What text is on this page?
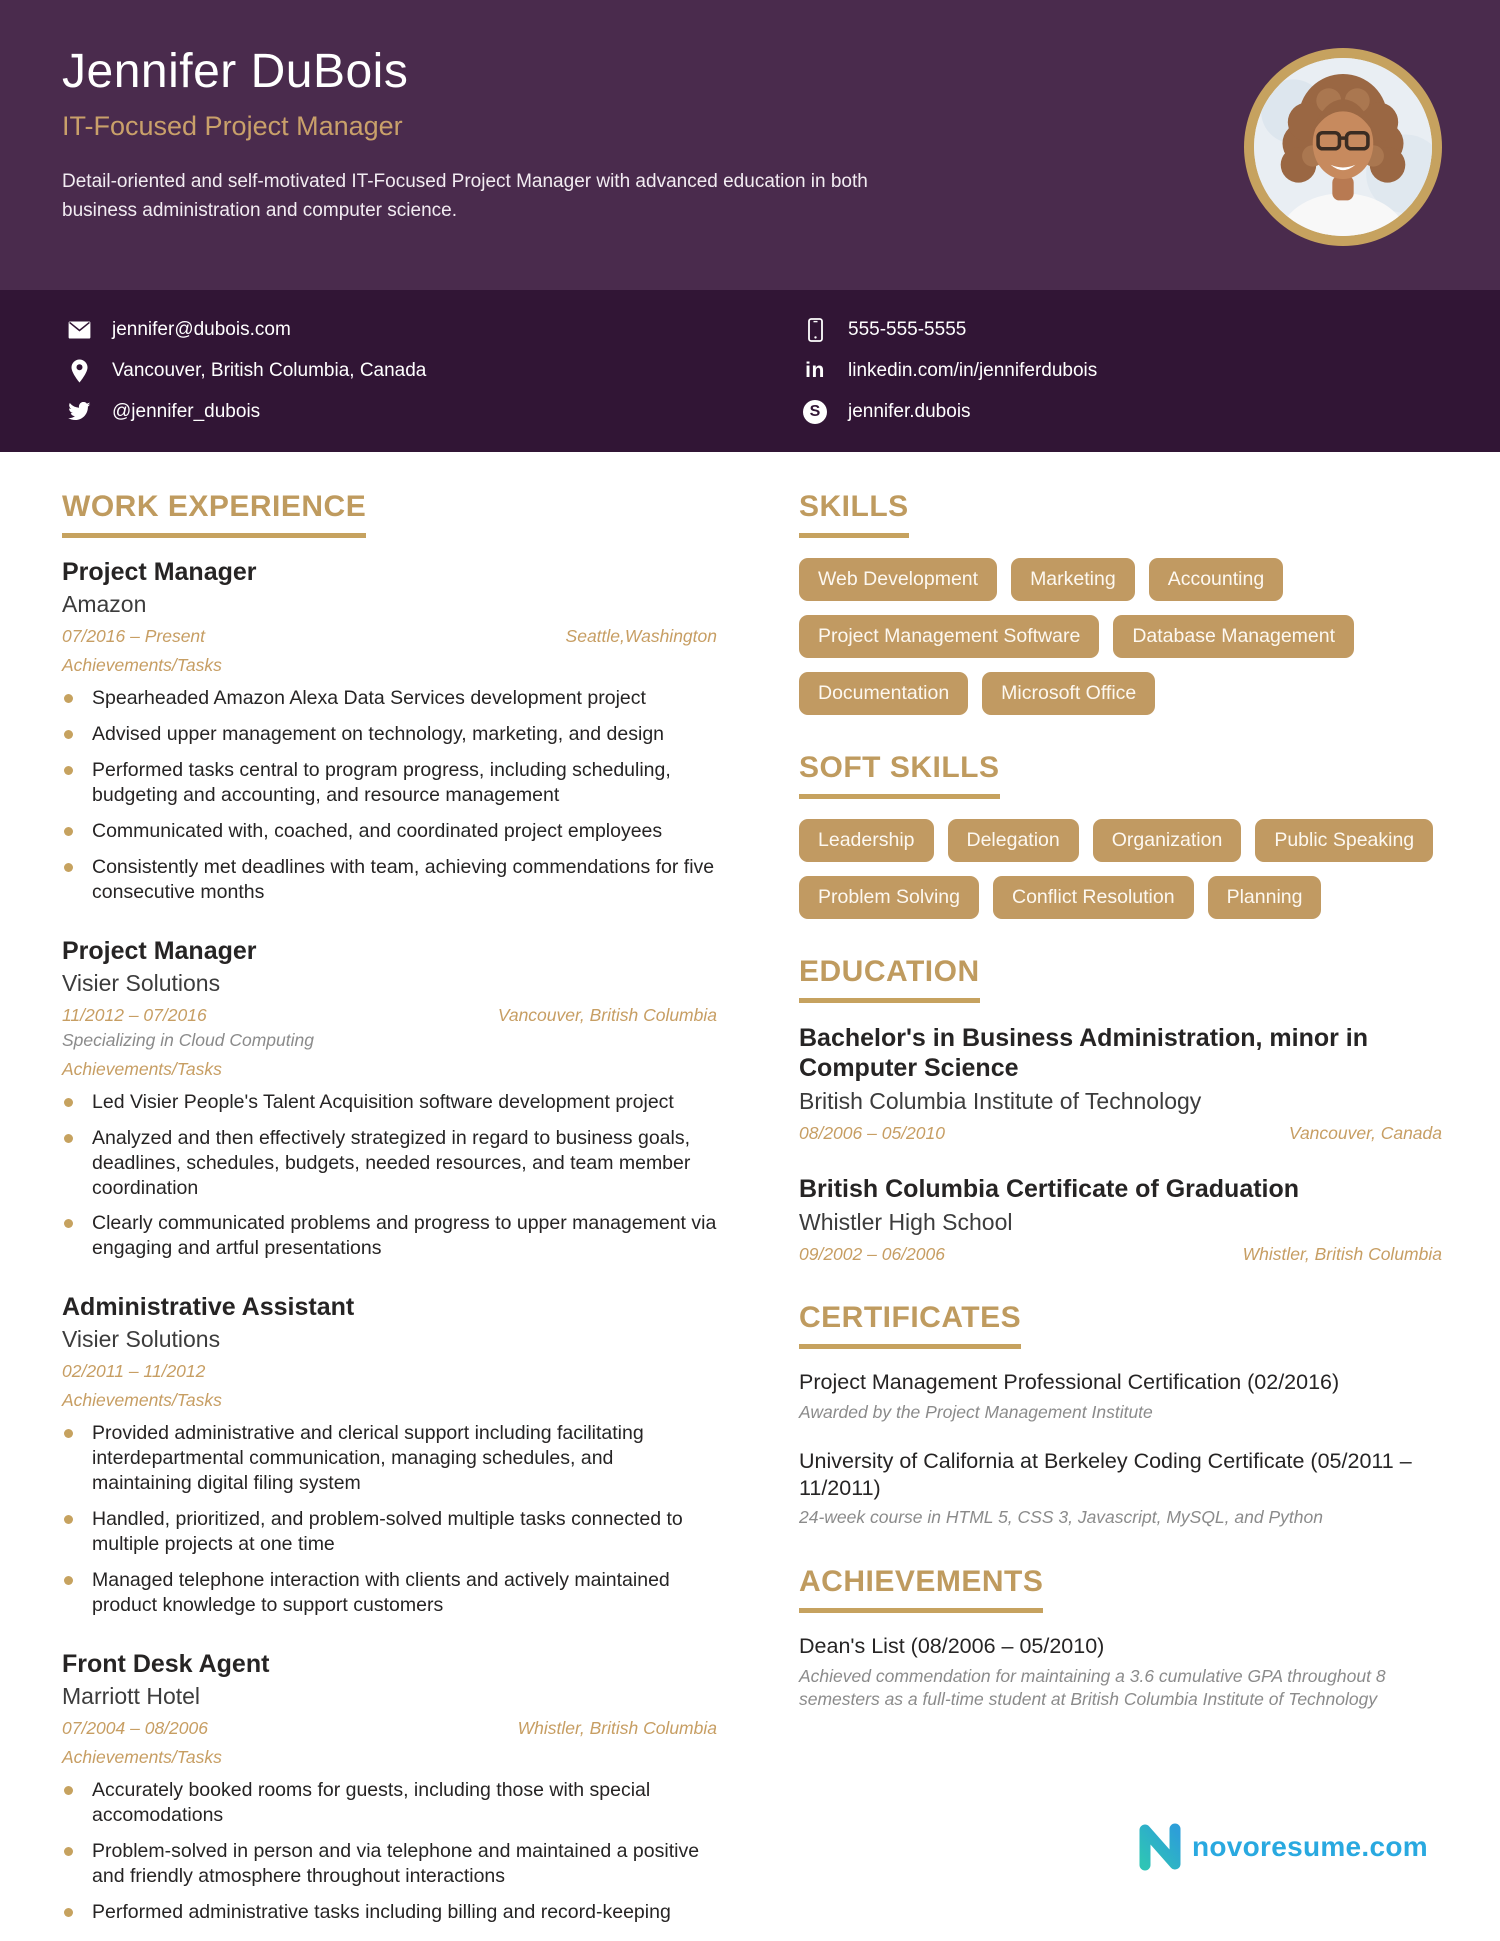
Jennifer DuBois
IT-Focused Project Manager
Detail-oriented and self-motivated IT-Focused Project Manager with advanced education in both business administration and computer science.
jennifer@dubois.com	555-555-5555
Vancouver, British Columbia, Canada	in linkedin.com/in/jenniferdubois
@jennifer_dubois	S	jennifer.dubois
WORK EXPERIENCE
Project Manager
Amazon
07/2016 – Present	Seattle,Washington
Achievements/Tasks
Spearheaded Amazon Alexa Data Services development project
Advised upper management on technology, marketing, and design
Performed tasks central to program progress, including scheduling, budgeting and accounting, and resource management
Communicated with, coached, and coordinated project employees
Consistently met deadlines with team, achieving commendations for five consecutive months
Project Manager
Visier Solutions
11/2012 – 07/2016	Vancouver, British Columbia
Specializing in Cloud Computing
Achievements/Tasks
Led Visier People's Talent Acquisition software development project
Analyzed and then effectively strategized in regard to business goals, deadlines, schedules, budgets, needed resources, and team member coordination
Clearly communicated problems and progress to upper management via engaging and artful presentations
Administrative Assistant
Visier Solutions
02/2011 – 11/2012
Achievements/Tasks
Provided administrative and clerical support including facilitating interdepartmental communication, managing schedules, and maintaining digital filing system
Handled, prioritized, and problem-solved multiple tasks connected to multiple projects at one time
Managed telephone interaction with clients and actively maintained product knowledge to support customers
Front Desk Agent
Marriott Hotel
07/2004 – 08/2006	Whistler, British Columbia
Achievements/Tasks
Accurately booked rooms for guests, including those with special accomodations
Problem-solved in person and via telephone and maintained a positive and friendly atmosphere throughout interactions
Performed administrative tasks including billing and record-keeping
SKILLS
Web Development	Marketing	Accounting
Project Management Software	Database Management
Documentation	Microsoft Office
SOFT SKILLS
Leadership	Delegation	Organization	Public Speaking
Problem Solving	Conflict Resolution	Planning
EDUCATION
Bachelor's in Business Administration, minor in Computer Science
British Columbia Institute of Technology
08/2006 – 05/2010	Vancouver, Canada
British Columbia Certificate of Graduation
Whistler High School
09/2002 – 06/2006	Whistler, British Columbia
CERTIFICATES
Project Management Professional Certification (02/2016)
Awarded by the Project Management Institute
University of California at Berkeley Coding Certificate (05/2011 – 11/2011)
24-week course in HTML 5, CSS 3, Javascript, MySQL, and Python
ACHIEVEMENTS
Dean's List (08/2006 – 05/2010)
Achieved commendation for maintaining a 3.6 cumulative GPA throughout 8 semesters as a full-time student at British Columbia Institute of Technology
novoresume.com
